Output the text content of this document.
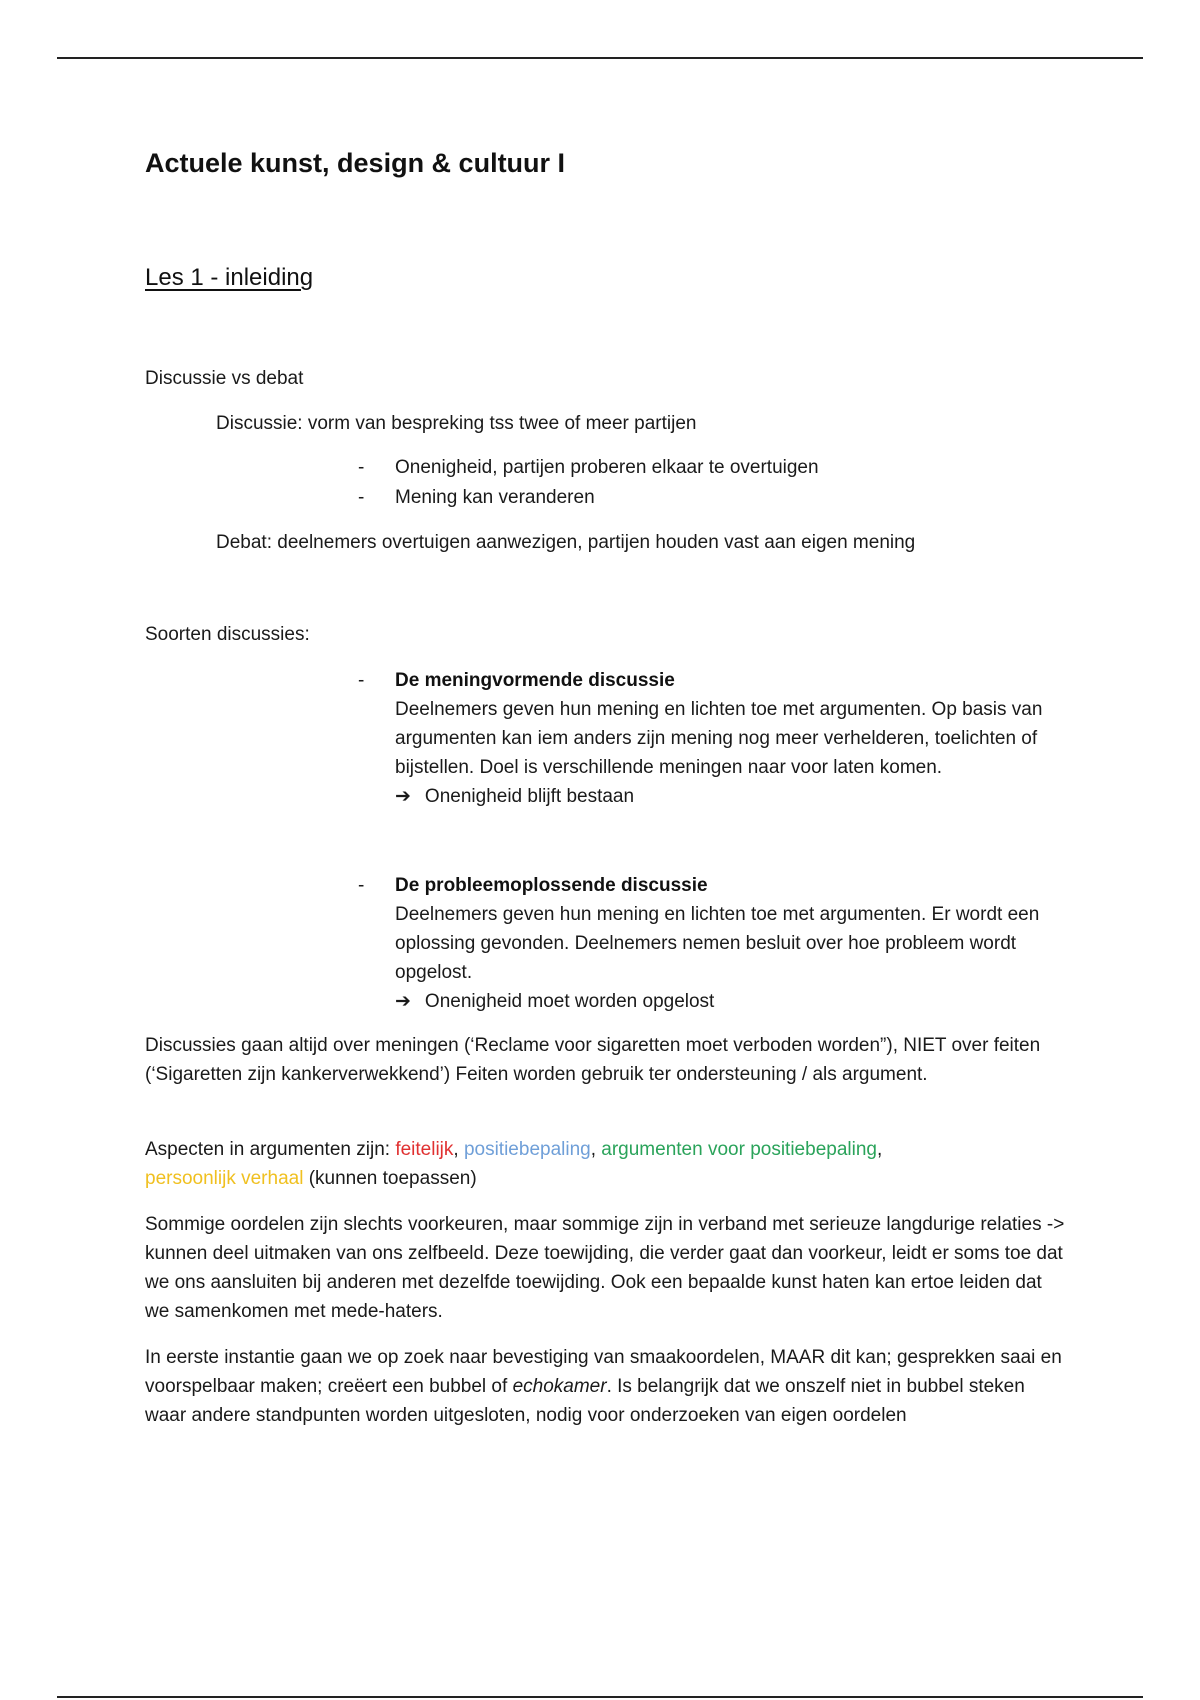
Actuele kunst, design & cultuur I
Les 1 - inleiding
Discussie vs debat
Discussie: vorm van bespreking tss twee of meer partijen
- Onenigheid, partijen proberen elkaar te overtuigen
- Mening kan veranderen
Debat: deelnemers overtuigen aanwezigen, partijen houden vast aan eigen mening
Soorten discussies:
- De meningvormende discussie
Deelnemers geven hun mening en lichten toe met argumenten. Op basis van argumenten kan iem anders zijn mening nog meer verhelderen, toelichten of bijstellen. Doel is verschillende meningen naar voor laten komen.
➔ Onenigheid blijft bestaan
- De probleemoplossende discussie
Deelnemers geven hun mening en lichten toe met argumenten. Er wordt een oplossing gevonden. Deelnemers nemen besluit over hoe probleem wordt opgelost.
➔ Onenigheid moet worden opgelost
Discussies gaan altijd over meningen (‘Reclame voor sigaretten moet verboden worden”), NIET over feiten (‘Sigaretten zijn kankerverwekkend’) Feiten worden gebruik ter ondersteuning / als argument.
Aspecten in argumenten zijn: feitelijk, positiebepaling, argumenten voor positiebepaling,
persoonlijk verhaal (kunnen toepassen)
Sommige oordelen zijn slechts voorkeuren, maar sommige zijn in verband met serieuze langdurige relaties -> kunnen deel uitmaken van ons zelfbeeld. Deze toewijding, die verder gaat dan voorkeur, leidt er soms toe dat we ons aansluiten bij anderen met dezelfde toewijding. Ook een bepaalde kunst haten kan ertoe leiden dat we samenkomen met mede-haters.
In eerste instantie gaan we op zoek naar bevestiging van smaakoordelen, MAAR dit kan; gesprekken saai en voorspelbaar maken; creëert een bubbel of echokamer. Is belangrijk dat we onszelf niet in bubbel steken waar andere standpunten worden uitgesloten, nodig voor onderzoeken van eigen oordelen
